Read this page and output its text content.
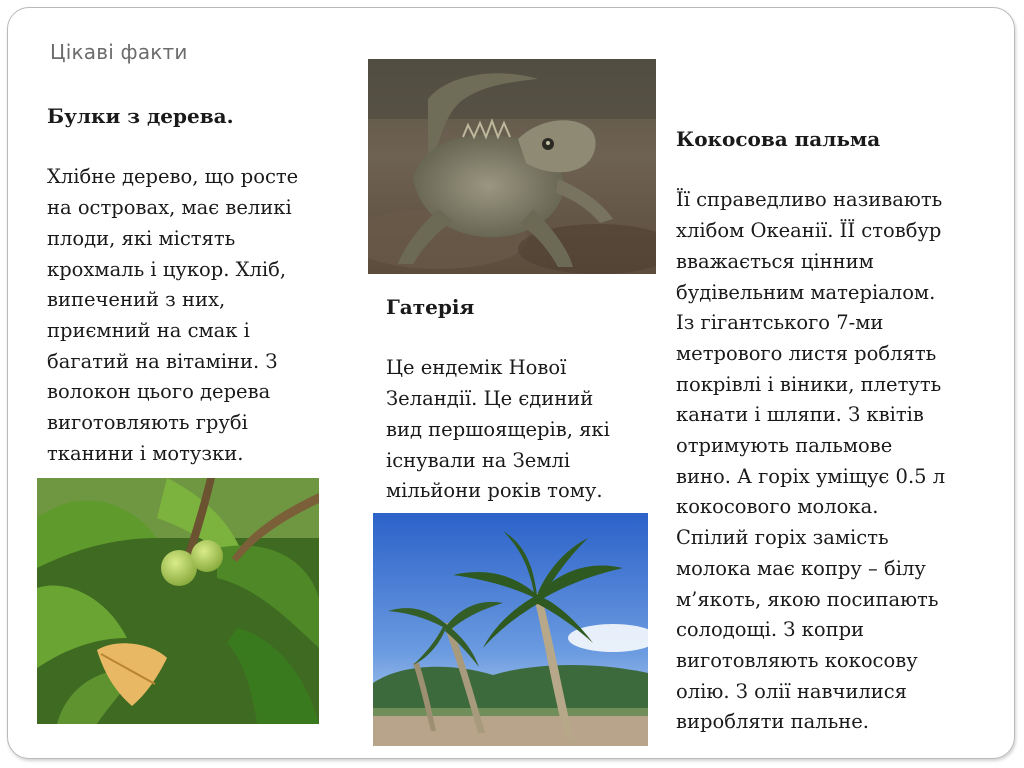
Цікаві факти
Булки з дерева.
Хлібне дерево, що росте
на островах, має великі
плоди, які містять
крохмаль і цукор. Хліб,
випечений з них,
приємний на смак і
багатий на вітаміни. З
волокон цього дерева
виготовляють грубі
тканини і мотузки.
Гатерія
Це ендемік Нової
Зеландії. Це єдиний
вид першоящерів, які
існували на Землі
мільйони років тому.
Кокосова пальма
Її справедливо називають
хлібом Океанії. ЇЇ стовбур
вважається цінним
будівельним матеріалом.
Із гігантського 7-ми
метрового листя роблять
покрівлі і віники, плетуть
канати і шляпи. З квітів
отримують пальмове
вино. А горіх уміщує 0.5 л
кокосового молока.
Спілий горіх замість
молока має копру – білу
м’якоть, якою посипають
солодощі. З копри
виготовляють кокосову
олію. З олії навчилися
виробляти пальне.
